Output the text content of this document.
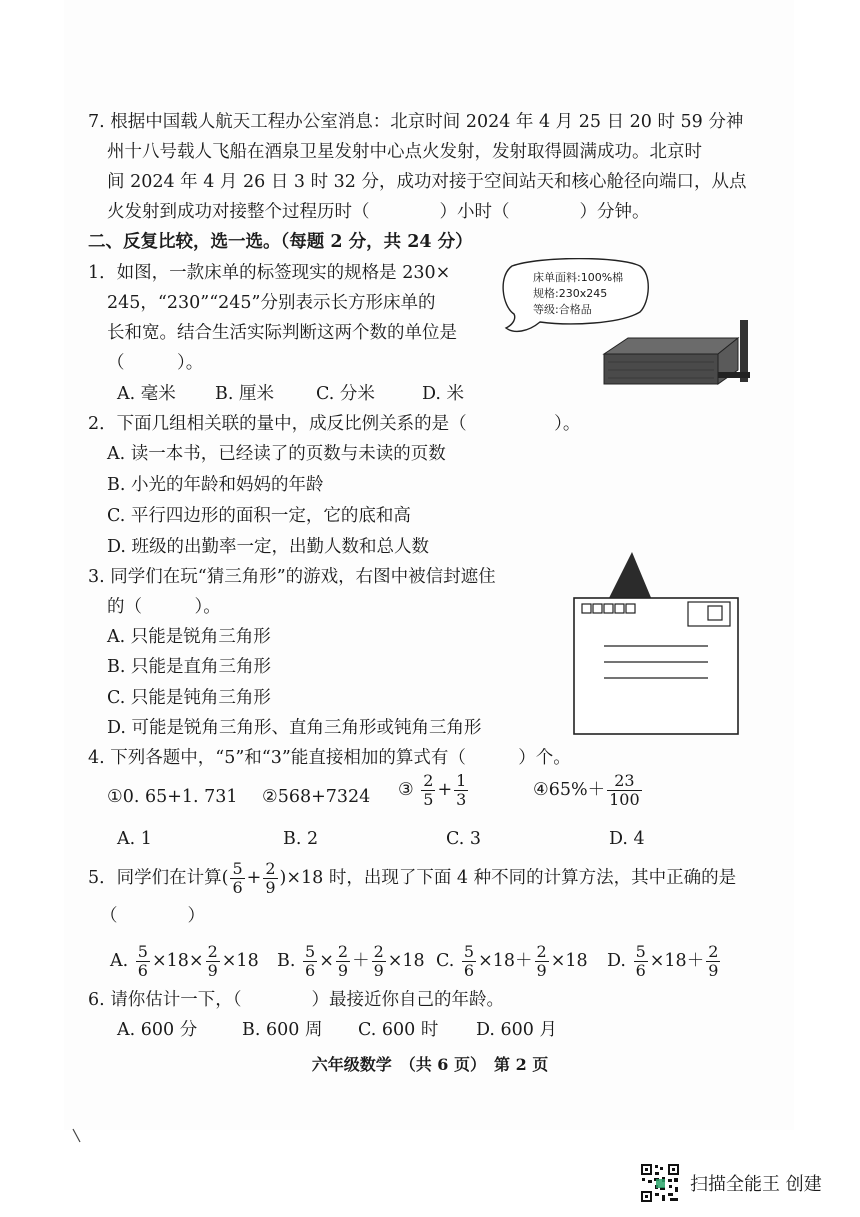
7. 根据中国载人航天工程办公室消息：北京时间 2024 年 4 月 25 日 20 时 59 分神
州十八号载人飞船在酒泉卫星发射中心点火发射，发射取得圆满成功。北京时
间 2024 年 4 月 26 日 3 时 32 分，成功对接于空间站天和核心舱径向端口，从点
火发射到成功对接整个过程历时（　　　　）小时（　　　　）分钟。
二、反复比较，选一选。（每题 2 分，共 24 分）
1．如图，一款床单的标签现实的规格是 230×
245，“230”“245”分别表示长方形床单的
长和宽。结合生活实际判断这两个数的单位是
（　　　）。
A. 毫米 B. 厘米 C. 分米	D. 米
床单面料:100%棉
规格:230x245
等级:合格品
2．下面几组相关联的量中，成反比例关系的是（　　　　　）。
A. 读一本书，已经读了的页数与未读的页数
B. 小光的年龄和妈妈的年龄
C. 平行四边形的面积一定，它的底和高
D. 班级的出勤率一定，出勤人数和总人数
3. 同学们在玩“猜三角形”的游戏，右图中被信封遮住
的（　　　）。
A. 只能是锐角三角形
B. 只能是直角三角形
C. 只能是钝角三角形
D. 可能是锐角三角形、直角三角形或钝角三角形
4. 下列各题中，“5”和“3”能直接相加的算式有（　　　）个。
①0. 65+1. 731 ②568+7324 ③ $\frac{2}{5} + \frac{1}{3}$	④65%＋ $\frac{23}{100}$
A. 1	B. 2	C. 3	D. 4
5．同学们在计算( $\frac{5}{6} + \frac{2}{9} )\times 18$ 时，出现了下面 4 种不同的计算方法，其中正确的是
（　　　　）
A. $\frac{5}{6} \times 18\times \frac{2}{9} \times 18$ B. $\frac{5}{6} \times \frac{2}{9} + \frac{2}{9} \times 18$ C. $\frac{5}{6} \times 18+ \frac{2}{9} \times 18$ D. $\frac{5}{6} \times 18+ \frac{2}{9}$
6. 请你估计一下，（　　　　）最接近你自己的年龄。
A. 600 分	B. 600 周 C. 600 时 D. 600 月
六年级数学　（共 6 页）　第 2 页
扫描全能王 创建
